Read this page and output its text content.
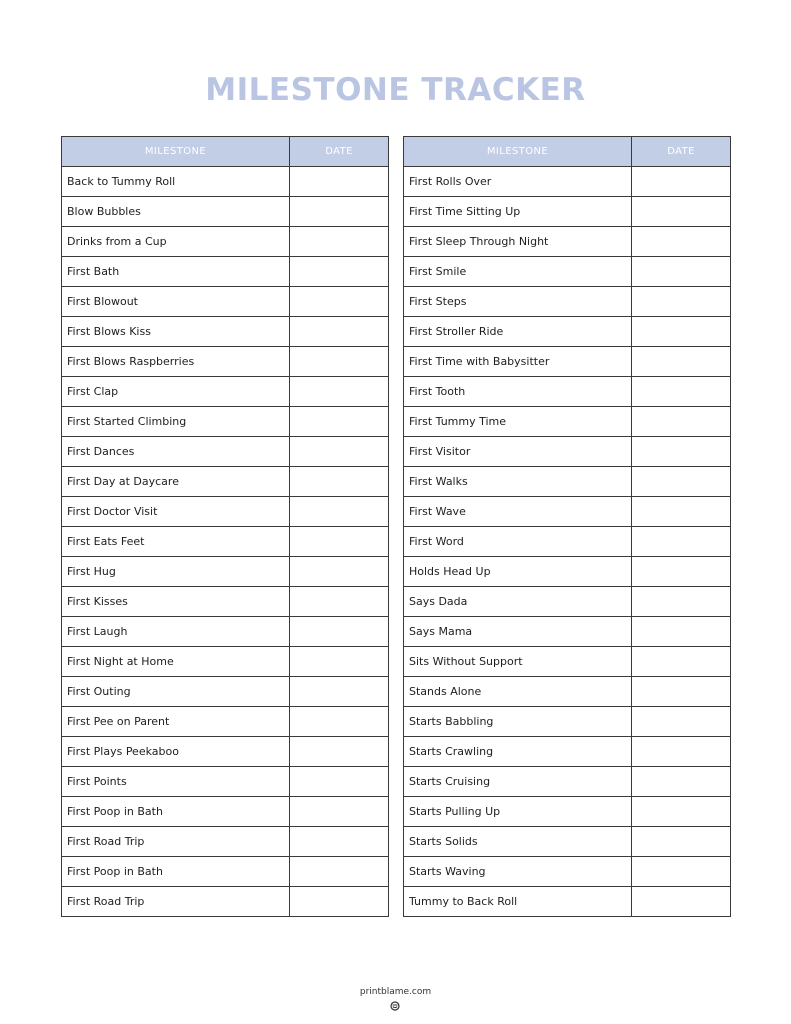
MILESTONE TRACKER
MILESTONE	DATE
Back to Tummy Roll	
Blow Bubbles	
Drinks from a Cup	
First Bath	
First Blowout	
First Blows Kiss	
First Blows Raspberries	
First Clap	
First Started Climbing	
First Dances	
First Day at Daycare	
First Doctor Visit	
First Eats Feet	
First Hug	
First Kisses	
First Laugh	
First Night at Home	
First Outing	
First Pee on Parent	
First Plays Peekaboo	
First Points	
First Poop in Bath	
First Road Trip	
First Poop in Bath	
First Road Trip	
MILESTONE	DATE
First Rolls Over	
First Time Sitting Up	
First Sleep Through Night	
First Smile	
First Steps	
First Stroller Ride	
First Time with Babysitter	
First Tooth	
First Tummy Time	
First Visitor	
First Walks	
First Wave	
First Word	
Holds Head Up	
Says Dada	
Says Mama	
Sits Without Support	
Stands Alone	
Starts Babbling	
Starts Crawling	
Starts Cruising	
Starts Pulling Up	
Starts Solids	
Starts Waving	
Tummy to Back Roll	
printblame.com
